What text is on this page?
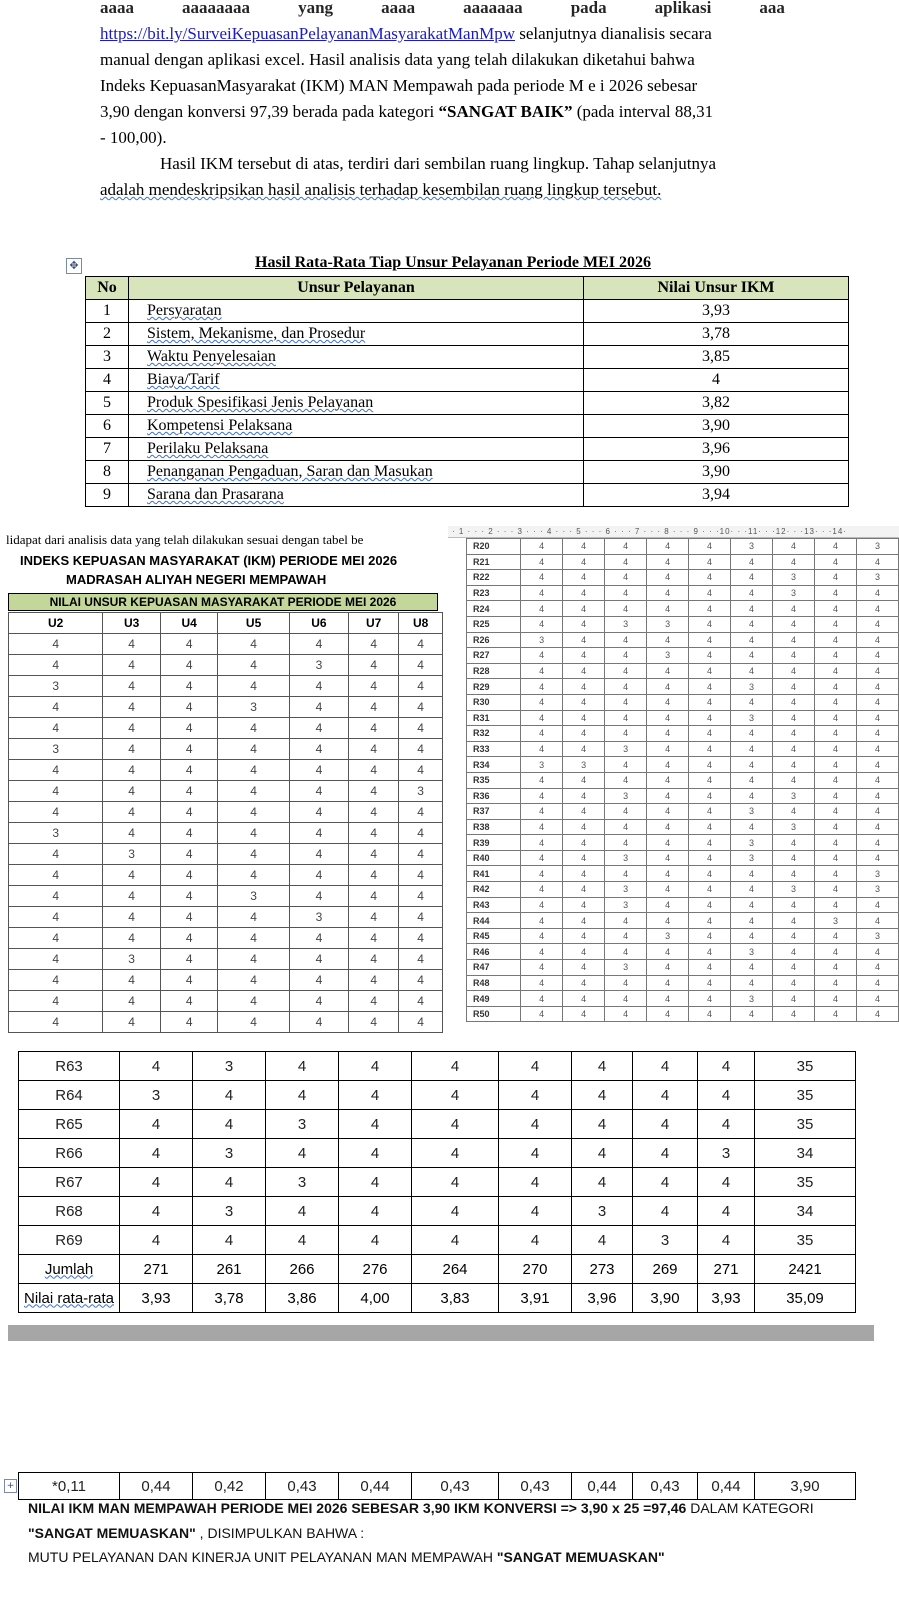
aaaa	aaaaaaaa	yang	aaaa	aaaaaaa	pada	aplikasi	aaa
https://bit.ly/SurveiKepuasanPelayananMasyarakatManMpw selanjutnya dianalisis secara
manual dengan aplikasi excel. Hasil analisis data yang telah dilakukan diketahui bahwa
Indeks KepuasanMasyarakat (IKM) MAN Mempawah pada periode M e i 2026 sebesar
3,90 dengan konversi 97,39 berada pada kategori “SANGAT BAIK” (pada interval 88,31
- 100,00).
Hasil IKM tersebut di atas, terdiri dari sembilan ruang lingkup. Tahap selanjutnya
adalah mendeskripsikan hasil analisis terhadap kesembilan ruang lingkup tersebut.
✥	Hasil Rata-Rata Tiap Unsur Pelayanan Periode MEI 2026
No	Unsur Pelayanan	Nilai Unsur IKM
1	Persyaratan	3,93
2	Sistem, Mekanisme, dan Prosedur	3,78
3	Waktu Penyelesaian	3,85
4	Biaya/Tarif	4
5	Produk Spesifikasi Jenis Pelayanan	3,82
6	Kompetensi Pelaksana	3,90
7	Perilaku Pelaksana	3,96
8	Penanganan Pengaduan, Saran dan Masukan	3,90
9	Sarana dan Prasarana	3,94
lidapat dari analisis data yang telah dilakukan sesuai dengan tabel be
INDEKS KEPUASAN MASYARAKAT (IKM) PERIODE MEI 2026
MADRASAH ALIYAH NEGERI MEMPAWAH
NILAI UNSUR KEPUASAN MASYARAKAT PERIODE MEI 2026
U2	U3	U4	U5	U6	U7	U8
4	4	4	4	4	4	4
4	4	4	4	3	4	4
3	4	4	4	4	4	4
4	4	4	3	4	4	4
4	4	4	4	4	4	4
3	4	4	4	4	4	4
4	4	4	4	4	4	4
4	4	4	4	4	4	3
4	4	4	4	4	4	4
3	4	4	4	4	4	4
4	3	4	4	4	4	4
4	4	4	4	4	4	4
4	4	4	3	4	4	4
4	4	4	4	3	4	4
4	4	4	4	4	4	4
4	3	4	4	4	4	4
4	4	4	4	4	4	4
4	4	4	4	4	4	4
4	4	4	4	4	4	4
· 1 · · · 2 · · · 3 · · · 4 · · · 5 · · · 6 · · · 7 · · · 8 · · · 9 · · ·10· · ·11· · ·12· · ·13· · ·14·
R20	4	4	4	4	4	3	4	4	3
R21	4	4	4	4	4	4	4	4	4
R22	4	4	4	4	4	4	3	4	3
R23	4	4	4	4	4	4	3	4	4
R24	4	4	4	4	4	4	4	4	4
R25	4	4	3	3	4	4	4	4	4
R26	3	4	4	4	4	4	4	4	4
R27	4	4	4	3	4	4	4	4	4
R28	4	4	4	4	4	4	4	4	4
R29	4	4	4	4	4	3	4	4	4
R30	4	4	4	4	4	4	4	4	4
R31	4	4	4	4	4	3	4	4	4
R32	4	4	4	4	4	4	4	4	4
R33	4	4	3	4	4	4	4	4	4
R34	3	3	4	4	4	4	4	4	4
R35	4	4	4	4	4	4	4	4	4
R36	4	4	3	4	4	4	3	4	4
R37	4	4	4	4	4	3	4	4	4
R38	4	4	4	4	4	4	3	4	4
R39	4	4	4	4	4	3	4	4	4
R40	4	4	3	4	4	3	4	4	4
R41	4	4	4	4	4	4	4	4	3
R42	4	4	3	4	4	4	3	4	3
R43	4	4	3	4	4	4	4	4	4
R44	4	4	4	4	4	4	4	3	4
R45	4	4	4	3	4	4	4	4	3
R46	4	4	4	4	4	3	4	4	4
R47	4	4	3	4	4	4	4	4	4
R48	4	4	4	4	4	4	4	4	4
R49	4	4	4	4	4	3	4	4	4
R50	4	4	4	4	4	4	4	4	4
R63	4	3	4	4	4	4	4	4	4	35
R64	3	4	4	4	4	4	4	4	4	35
R65	4	4	3	4	4	4	4	4	4	35
R66	4	3	4	4	4	4	4	4	3	34
R67	4	4	3	4	4	4	4	4	4	35
R68	4	3	4	4	4	4	3	4	4	34
R69	4	4	4	4	4	4	4	3	4	35
Jumlah	271	261	266	276	264	270	273	269	271	2421
Nilai rata-rata	3,93	3,78	3,86	4,00	3,83	3,91	3,96	3,90	3,93	35,09
+	*0,11	0,44	0,42	0,43	0,44	0,43	0,43	0,44	0,43	0,44	3,90
NILAI IKM MAN MEMPAWAH PERIODE MEI 2026 SEBESAR 3,90 IKM KONVERSI => 3,90 x 25 =97,46 DALAM KATEGORI
"SANGAT MEMUASKAN" , DISIMPULKAN BAHWA :
MUTU PELAYANAN DAN KINERJA UNIT PELAYANAN MAN MEMPAWAH "SANGAT MEMUASKAN"
